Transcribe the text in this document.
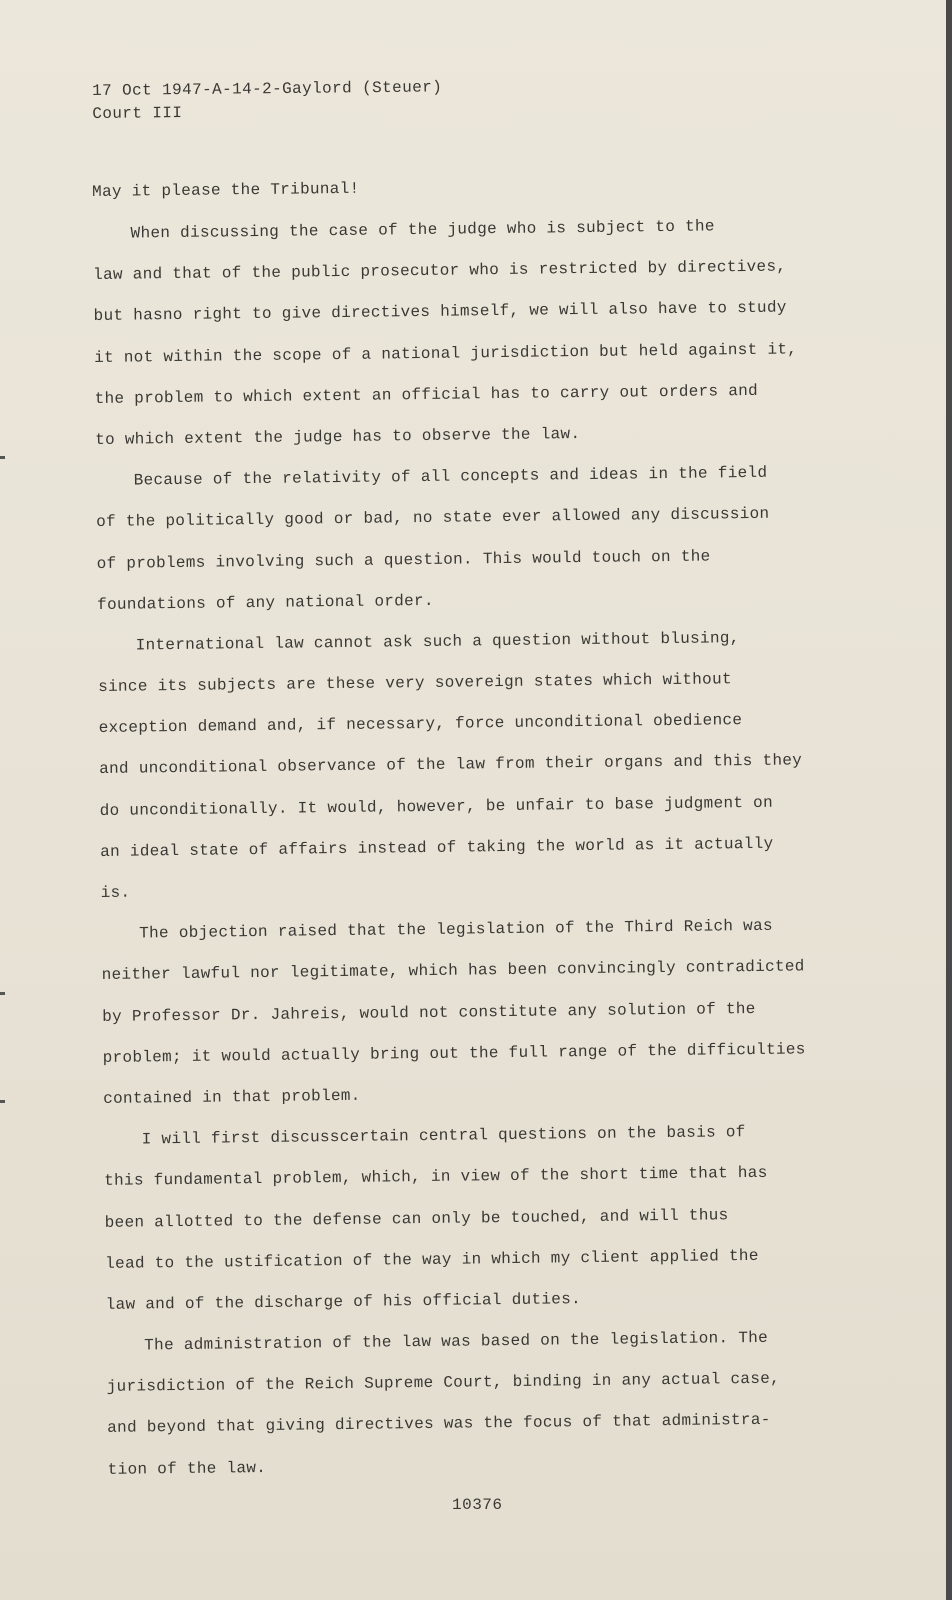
17 Oct 1947-A-14-2-Gaylord (Steuer)
Court III
May it please the Tribunal!
When discussing the case of the judge who is subject to the
law and that of the public prosecutor who is restricted by directives,
but hasno right to give directives himself, we will also have to study
it not within the scope of a national jurisdiction but held against it,
the problem to which extent an official has to carry out orders and
to which extent the judge has to observe the law.
Because of the relativity of all concepts and ideas in the field
of the politically good or bad, no state ever allowed any discussion
of problems involving such a question. This would touch on the
foundations of any national order.
International law cannot ask such a question without blusing,
since its subjects are these very sovereign states which without
exception demand and, if necessary, force unconditional obedience
and unconditional observance of the law from their organs and this they
do unconditionally. It would, however, be unfair to base judgment on
an ideal state of affairs instead of taking the world as it actually
is.
The objection raised that the legislation of the Third Reich was
neither lawful nor legitimate, which has been convincingly contradicted
by Professor Dr. Jahreis, would not constitute any solution of the
problem; it would actually bring out the full range of the difficulties
contained in that problem.
I will first discusscertain central questions on the basis of
this fundamental problem, which, in view of the short time that has
been allotted to the defense can only be touched, and will thus
lead to the ustification of the way in which my client applied the
law and of the discharge of his official duties.
The administration of the law was based on the legislation. The
jurisdiction of the Reich Supreme Court, binding in any actual case,
and beyond that giving directives was the focus of that administra-
tion of the law.
10376
